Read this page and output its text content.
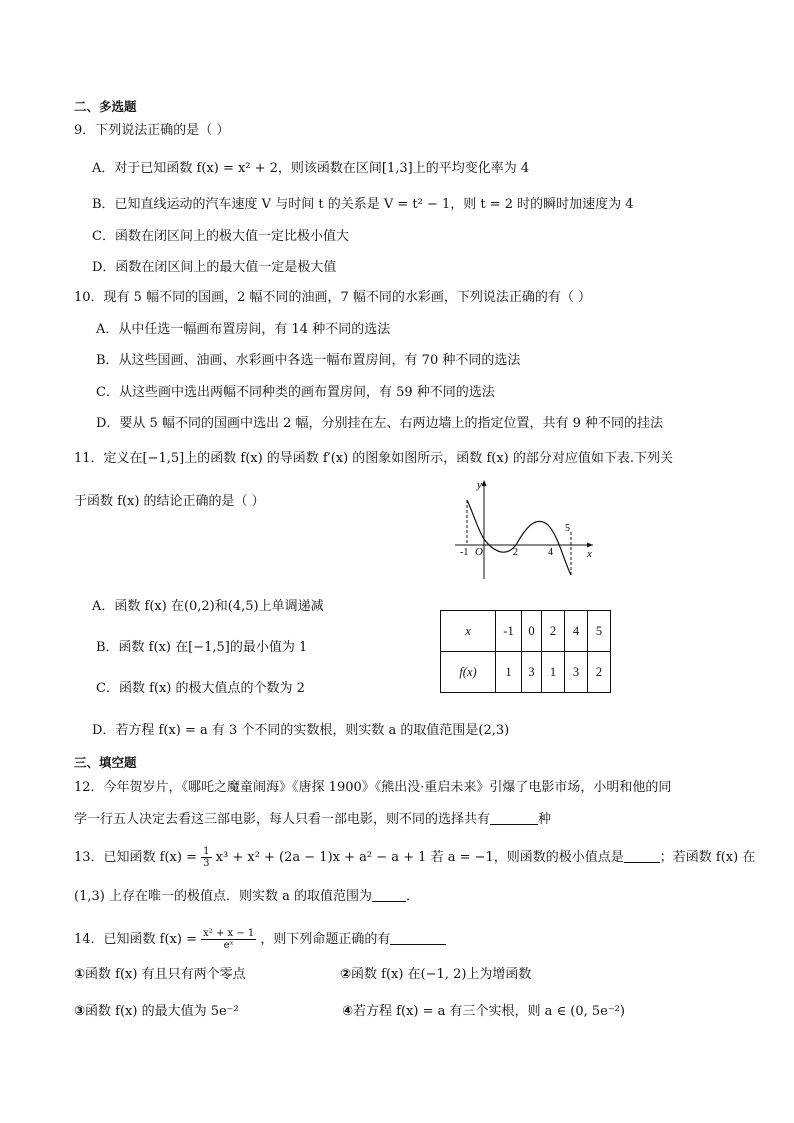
二、多选题
9．下列说法正确的是（ ）
A．对于已知函数 f(x) = x² + 2，则该函数在区间[1,3]上的平均变化率为 4
B．已知直线运动的汽车速度 V 与时间 t 的关系是 V = t² − 1，则 t = 2 时的瞬时加速度为 4
C．函数在闭区间上的极大值一定比极小值大
D．函数在闭区间上的最大值一定是极大值
10．现有 5 幅不同的国画，2 幅不同的油画，7 幅不同的水彩画，下列说法正确的有（ ）
A．从中任选一幅画布置房间，有 14 种不同的选法
B．从这些国画、油画、水彩画中各选一幅布置房间，有 70 种不同的选法
C．从这些画中选出两幅不同种类的画布置房间，有 59 种不同的选法
D．要从 5 幅不同的国画中选出 2 幅，分别挂在左、右两边墙上的指定位置，共有 9 种不同的挂法
11．定义在[−1,5]上的函数 f(x) 的导函数 f′(x) 的图象如图所示，函数 f(x) 的部分对应值如下表.下列关
于函数 f(x) 的结论正确的是（ ）
y
x
O
-1	2	4
5
A．函数 f(x) 在(0,2)和(4,5)上单调递减
B．函数 f(x) 在[−1,5]的最小值为 1
C．函数 f(x) 的极大值点的个数为 2
D．若方程 f(x) = a 有 3 个不同的实数根，则实数 a 的取值范围是(2,3)
x	-1	0	2	4	5
f(x)	1	3	1	3	2
三、填空题
12．今年贺岁片，《哪吒之魔童闹海》《唐探 1900》《熊出没·重启未来》引爆了电影市场，小明和他的同
学一行五人决定去看这三部电影，每人只看一部电影，则不同的选择共有	种
13．已知函数 $f(x) = \frac{1}{3} x^3 + x^2 + (2a - 1)x + a^2 - a + 1$ 若 a = −1，则函数的极小值点是	；若函数 f(x) 在
(1,3) 上存在唯一的极值点．则实数 a 的取值范围为	．
14．已知函数 $f(x) = \frac{\text{x² + x − 1}}{\text{eˣ}}$ ，则下列命题正确的有
①函数 f(x) 有且只有两个零点	②函数 f(x) 在(−1, 2)上为增函数
③函数 f(x) 的最大值为 5e⁻²	④若方程 f(x) = a 有三个实根，则 a ∈ (0, 5e⁻²)
